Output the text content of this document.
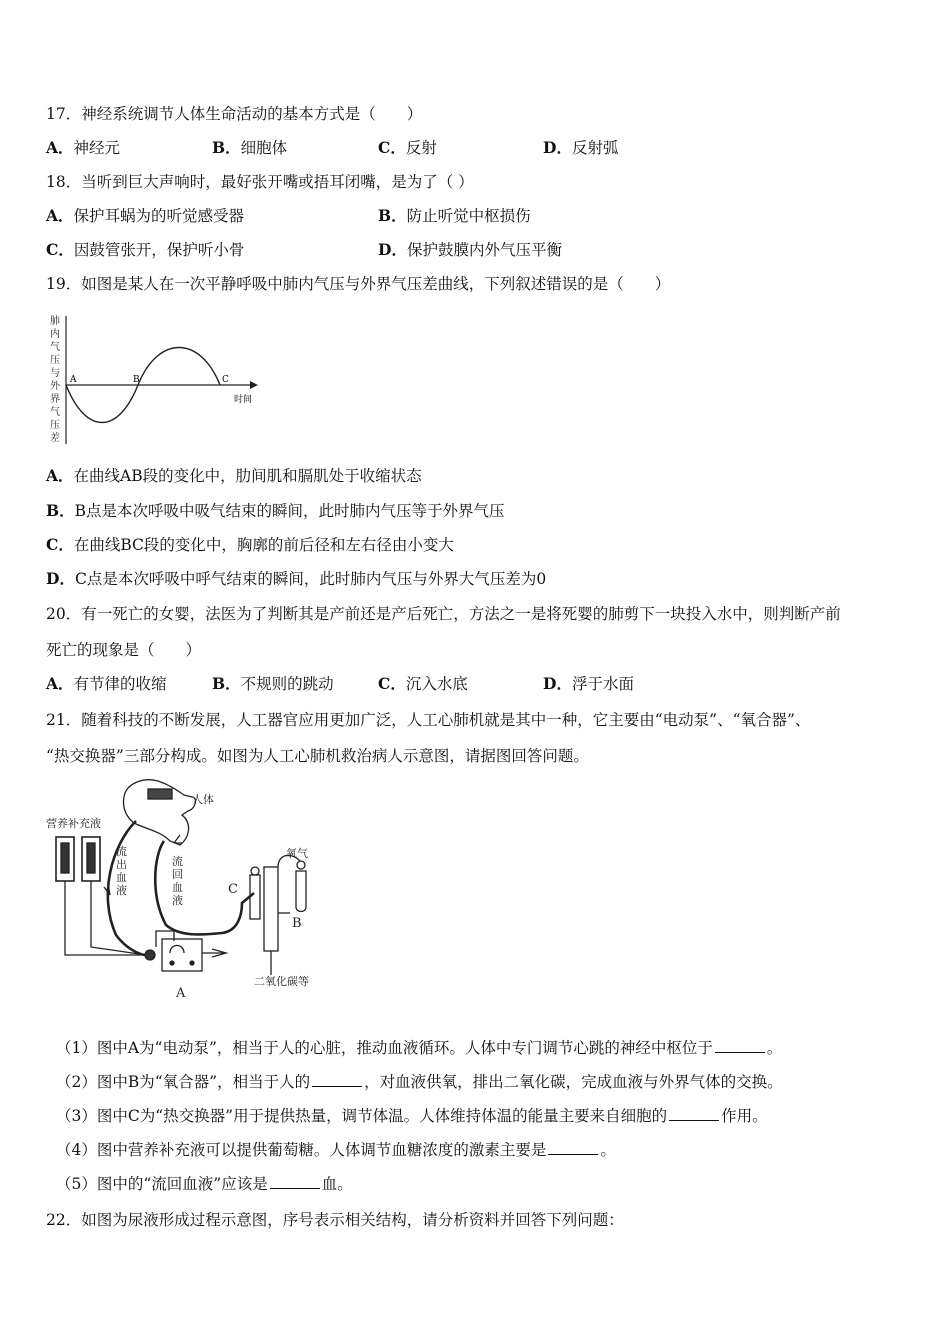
17．神经系统调节人体生命活动的基本方式是（　　）
A．神经元	B．细胞体	C．反射	D．反射弧
18．当听到巨大声响时，最好张开嘴或捂耳闭嘴，是为了（ ）
A．保护耳蜗为的听觉感受器	B．防止听觉中枢损伤
C．因鼓管张开，保护听小骨	D．保护鼓膜内外气压平衡
19．如图是某人在一次平静呼吸中肺内气压与外界气压差曲线，下列叙述错误的是（　　）
肺
内
气
压
与
外
界
气
压
差
A	B	C
时间
A．在曲线AB段的变化中，肋间肌和膈肌处于收缩状态
B．B点是本次呼吸中吸气结束的瞬间，此时肺内气压等于外界气压
C．在曲线BC段的变化中，胸廓的前后径和左右径由小变大
D．C点是本次呼吸中呼气结束的瞬间，此时肺内气压与外界大气压差为0
20．有一死亡的女婴，法医为了判断其是产前还是产后死亡，方法之一是将死婴的肺剪下一块投入水中，则判断产前
死亡的现象是（　　）
A．有节律的收缩	B．不规则的跳动	C．沉入水底	D．浮于水面
21．随着科技的不断发展，人工器官应用更加广泛，人工心肺机就是其中一种，它主要由“电动泵”、“氧合器”、
“热交换器”三部分构成。如图为人工心肺机救治病人示意图，请据图回答问题。
营养补充液
人体
流
出
血
液
流
回
血
液
氧气
二氧化碳等
A
B
C
（1）图中A为“电动泵”，相当于人的心脏，推动血液循环。人体中专门调节心跳的神经中枢位于	。
（2）图中B为“氧合器”，相当于人的	，对血液供氧，排出二氧化碳，完成血液与外界气体的交换。
（3）图中C为“热交换器”用于提供热量，调节体温。人体维持体温的能量主要来自细胞的	作用。
（4）图中营养补充液可以提供葡萄糖。人体调节血糖浓度的激素主要是	。
（5）图中的“流回血液”应该是	血。
22．如图为尿液形成过程示意图，序号表示相关结构，请分析资料并回答下列问题：
